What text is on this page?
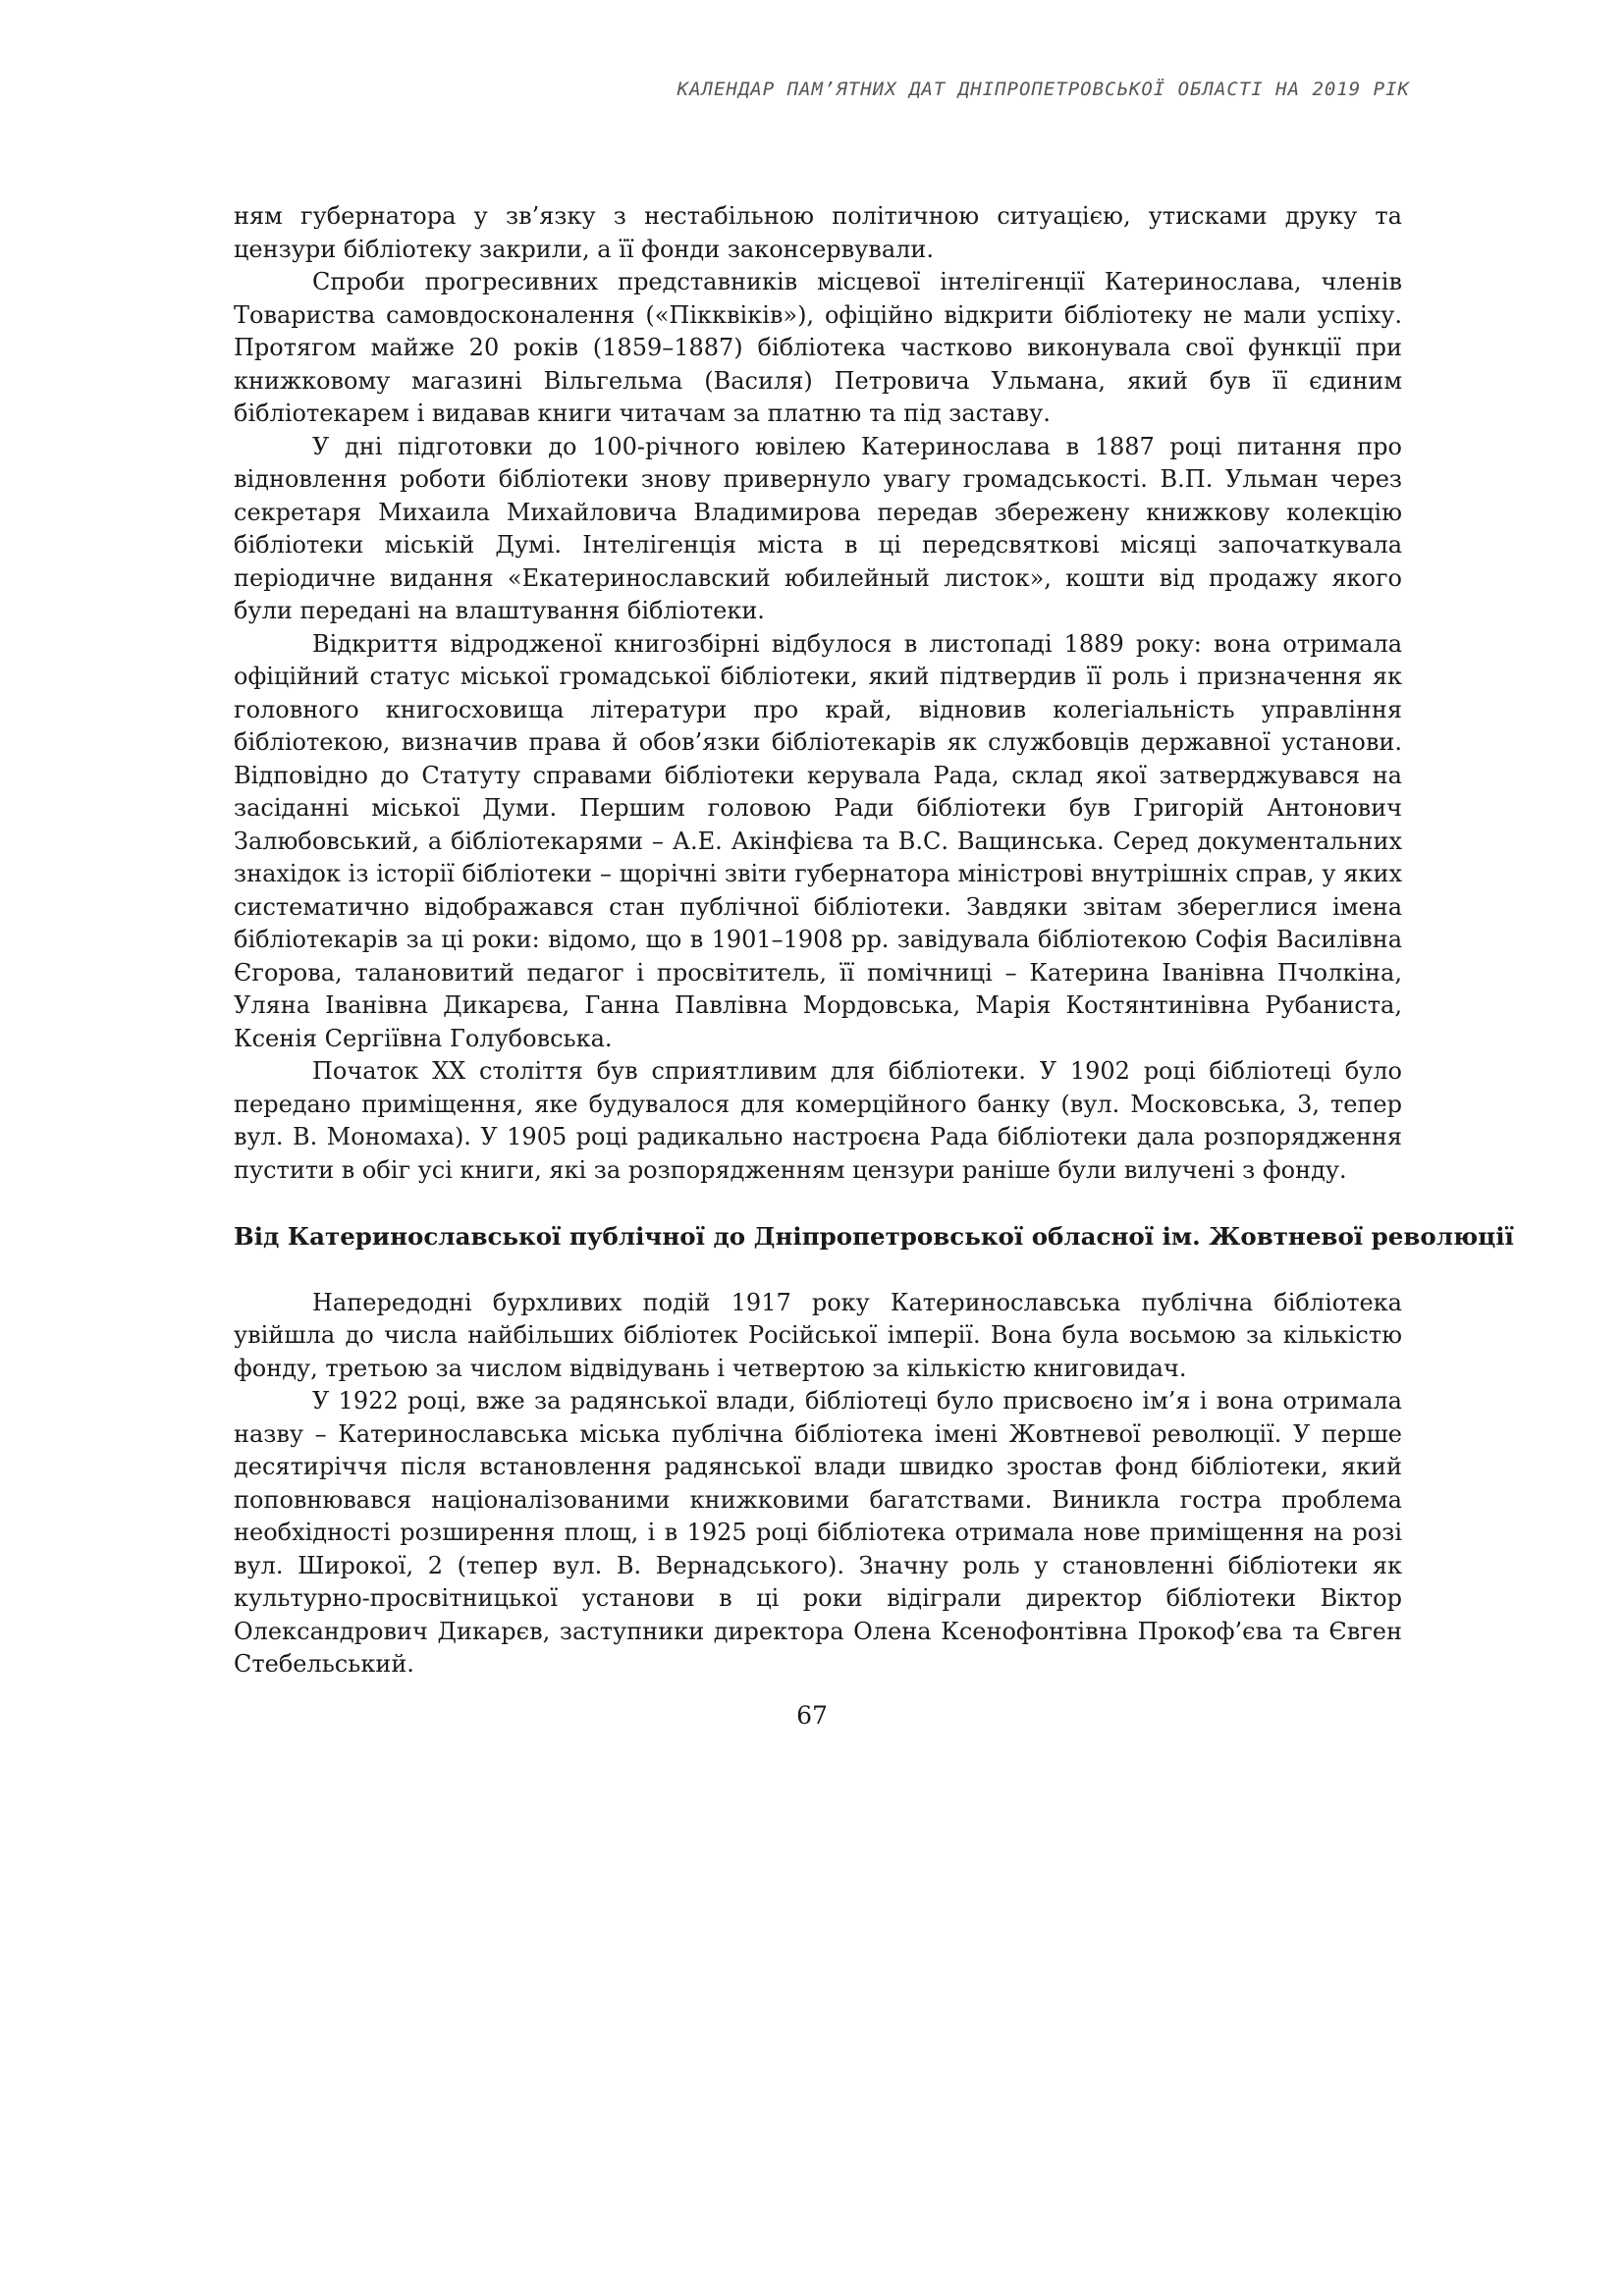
КАЛЕНДАР ПАМ’ЯТНИХ ДАТ ДНІПРОПЕТРОВСЬКОЇ ОБЛАСТІ НА 2019 РІК

ням губернатора у зв’язку з нестабільною політичною ситуацією, утисками друку та цензури бібліотеку закрили, а її фонди законсервували.

Спроби прогресивних представників місцевої інтелігенції Катеринослава, членів Товариства самовдосконалення («Пікквіків»), офіційно відкрити бібліотеку не мали успіху. Протягом майже 20 років (1859–1887) бібліотека частково виконувала свої функції при книжковому магазині Вільгельма (Василя) Петровича Ульмана, який був її єдиним бібліотекарем і видавав книги читачам за платню та під заставу.

У дні підготовки до 100-річного ювілею Катеринослава в 1887 році питання про відновлення роботи бібліотеки знову привернуло увагу громадськості. В.П. Ульман через секретаря Михаила Михайловича Владимирова передав збережену книжкову колекцію бібліотеки міській Думі. Інтелігенція міста в ці передсвяткові місяці започаткувала періодичне видання «Екатеринославский юбилейный листок», кошти від продажу якого були передані на влаштування бібліотеки.

Відкриття відродженої книгозбірні відбулося в листопаді 1889 року: вона отримала офіційний статус міської громадської бібліотеки, який підтвердив її роль і призначення як головного книгосховища літератури про край, відновив колегіальність управління бібліотекою, визначив права й обов’язки бібліотекарів як службовців державної установи. Відповідно до Статуту справами бібліотеки керувала Рада, склад якої затверджувався на засіданні міської Думи. Першим головою Ради бібліотеки був Григорій Антонович Залюбовський, а бібліотекарями – А.Е. Акінфієва та В.С. Ващинська. Серед документальних знахідок із історії бібліотеки – щорічні звіти губернатора міністрові внутрішніх справ, у яких систематично відображався стан публічної бібліотеки. Завдяки звітам збереглися імена бібліотекарів за ці роки: відомо, що в 1901–1908 рр. завідувала бібліотекою Софія Василівна Єгорова, талановитий педагог і просвітитель, її помічниці – Катерина Іванівна Пчолкіна, Уляна Іванівна Дикарєва, Ганна Павлівна Мордовська, Марія Костянтинівна Рубаниста, Ксенія Сергіївна Голубовська.

Початок ХХ століття був сприятливим для бібліотеки. У 1902 році бібліотеці було передано приміщення, яке будувалося для комерційного банку (вул. Московська, 3, тепер вул. В. Мономаха). У 1905 році радикально настроєна Рада бібліотеки дала розпорядження пустити в обіг усі книги, які за розпорядженням цензури раніше були вилучені з фонду.

Від Катеринославської публічної до Дніпропетровської обласної ім. Жовтневої революції

Напередодні бурхливих подій 1917 року Катеринославська публічна бібліотека увійшла до числа найбільших бібліотек Російської імперії. Вона була восьмою за кількістю фонду, третьою за числом відвідувань і четвертою за кількістю книговидач.

У 1922 році, вже за радянської влади, бібліотеці було присвоєно ім’я і вона отримала назву – Катеринославська міська публічна бібліотека імені Жовтневої революції. У перше десятиріччя після встановлення радянської влади швидко зростав фонд бібліотеки, який поповнювався націоналізованими книжковими багатствами. Виникла гостра проблема необхідності розширення площ, і в 1925 році бібліотека отримала нове приміщення на розі вул. Широкої, 2 (тепер вул. В. Вернадського). Значну роль у становленні бібліотеки як культурно-просвітницької установи в ці роки відіграли директор бібліотеки Віктор Олександрович Дикарєв, заступники директора Олена Ксенофонтівна Прокоф’єва та Євген Стебельський.

67
